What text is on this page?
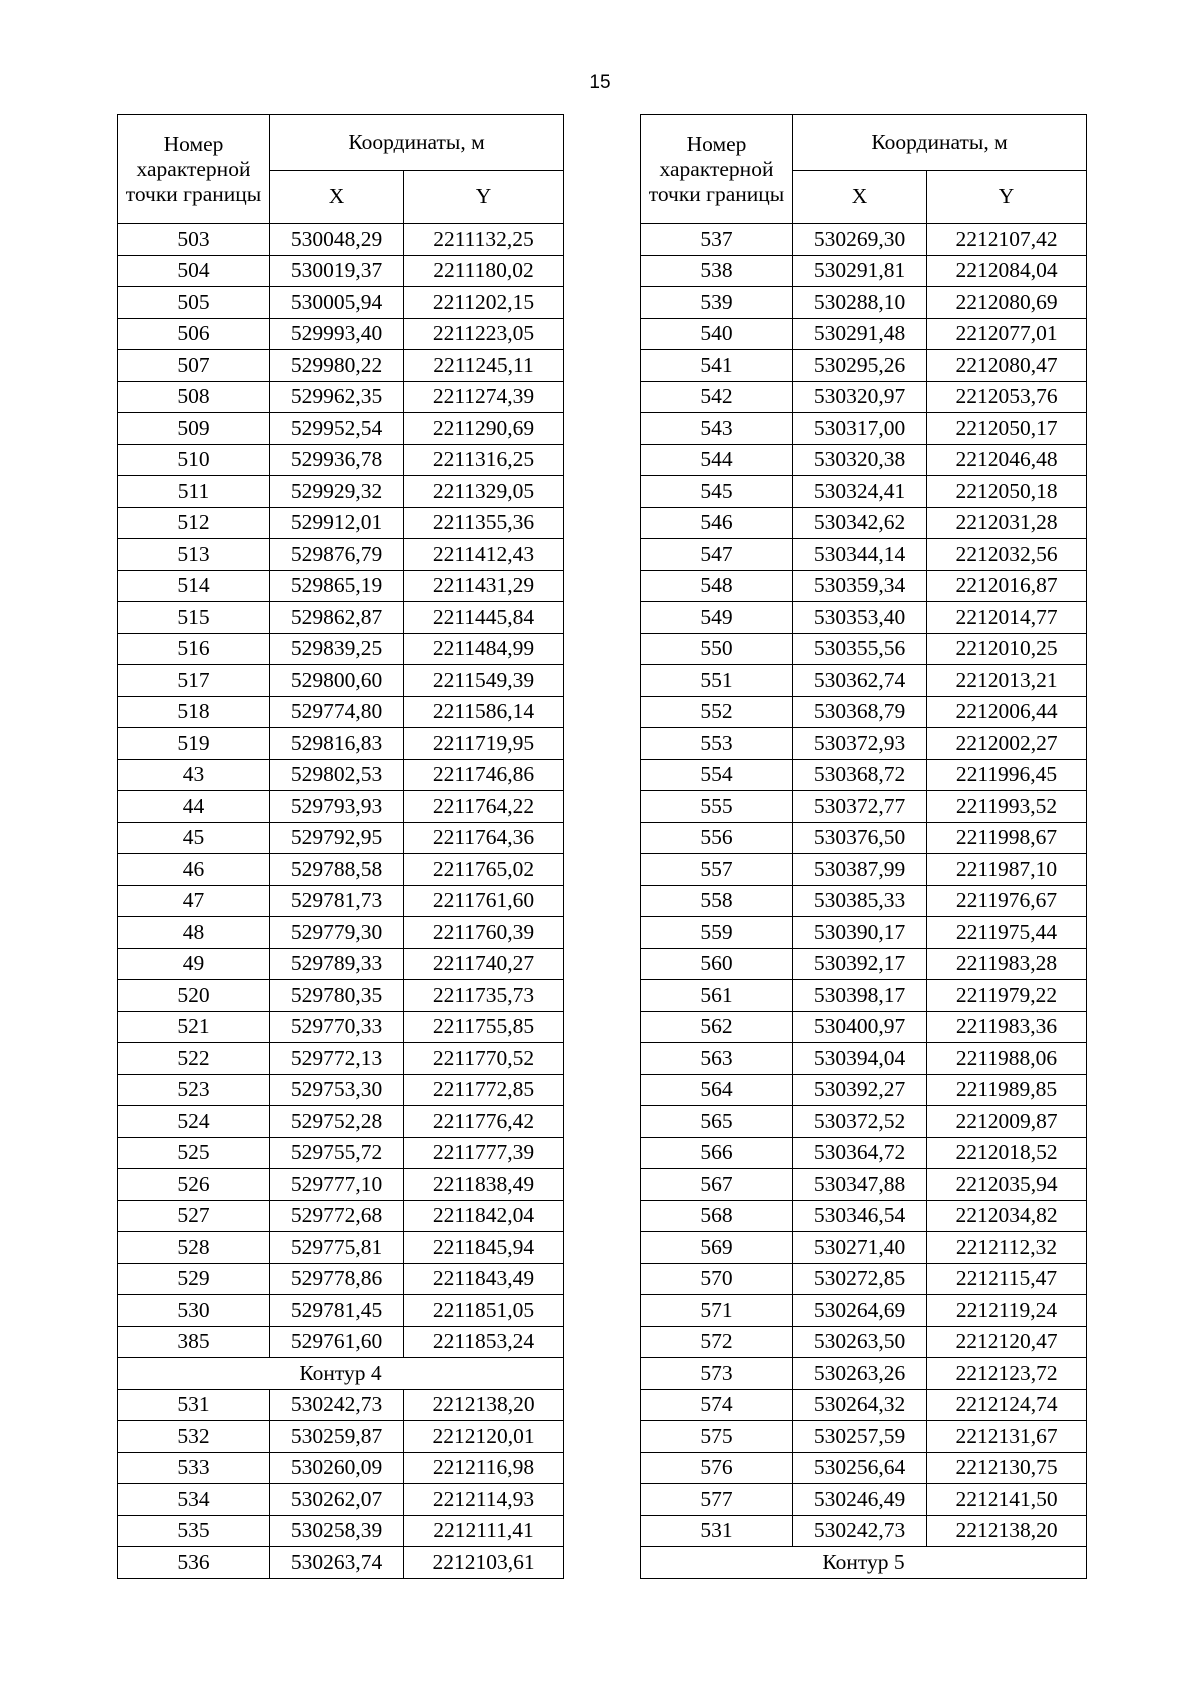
15
Номер характерной точки границы	Координаты, м	
	X	Y
503	530048,29	2211132,25
504	530019,37	2211180,02
505	530005,94	2211202,15
506	529993,40	2211223,05
507	529980,22	2211245,11
508	529962,35	2211274,39
509	529952,54	2211290,69
510	529936,78	2211316,25
511	529929,32	2211329,05
512	529912,01	2211355,36
513	529876,79	2211412,43
514	529865,19	2211431,29
515	529862,87	2211445,84
516	529839,25	2211484,99
517	529800,60	2211549,39
518	529774,80	2211586,14
519	529816,83	2211719,95
43	529802,53	2211746,86
44	529793,93	2211764,22
45	529792,95	2211764,36
46	529788,58	2211765,02
47	529781,73	2211761,60
48	529779,30	2211760,39
49	529789,33	2211740,27
520	529780,35	2211735,73
521	529770,33	2211755,85
522	529772,13	2211770,52
523	529753,30	2211772,85
524	529752,28	2211776,42
525	529755,72	2211777,39
526	529777,10	2211838,49
527	529772,68	2211842,04
528	529775,81	2211845,94
529	529778,86	2211843,49
530	529781,45	2211851,05
385	529761,60	2211853,24
Контур 4		
531	530242,73	2212138,20
532	530259,87	2212120,01
533	530260,09	2212116,98
534	530262,07	2212114,93
535	530258,39	2212111,41
536	530263,74	2212103,61
Номер характерной точки границы	Координаты, м	
	X	Y
537	530269,30	2212107,42
538	530291,81	2212084,04
539	530288,10	2212080,69
540	530291,48	2212077,01
541	530295,26	2212080,47
542	530320,97	2212053,76
543	530317,00	2212050,17
544	530320,38	2212046,48
545	530324,41	2212050,18
546	530342,62	2212031,28
547	530344,14	2212032,56
548	530359,34	2212016,87
549	530353,40	2212014,77
550	530355,56	2212010,25
551	530362,74	2212013,21
552	530368,79	2212006,44
553	530372,93	2212002,27
554	530368,72	2211996,45
555	530372,77	2211993,52
556	530376,50	2211998,67
557	530387,99	2211987,10
558	530385,33	2211976,67
559	530390,17	2211975,44
560	530392,17	2211983,28
561	530398,17	2211979,22
562	530400,97	2211983,36
563	530394,04	2211988,06
564	530392,27	2211989,85
565	530372,52	2212009,87
566	530364,72	2212018,52
567	530347,88	2212035,94
568	530346,54	2212034,82
569	530271,40	2212112,32
570	530272,85	2212115,47
571	530264,69	2212119,24
572	530263,50	2212120,47
573	530263,26	2212123,72
574	530264,32	2212124,74
575	530257,59	2212131,67
576	530256,64	2212130,75
577	530246,49	2212141,50
531	530242,73	2212138,20
Контур 5		
